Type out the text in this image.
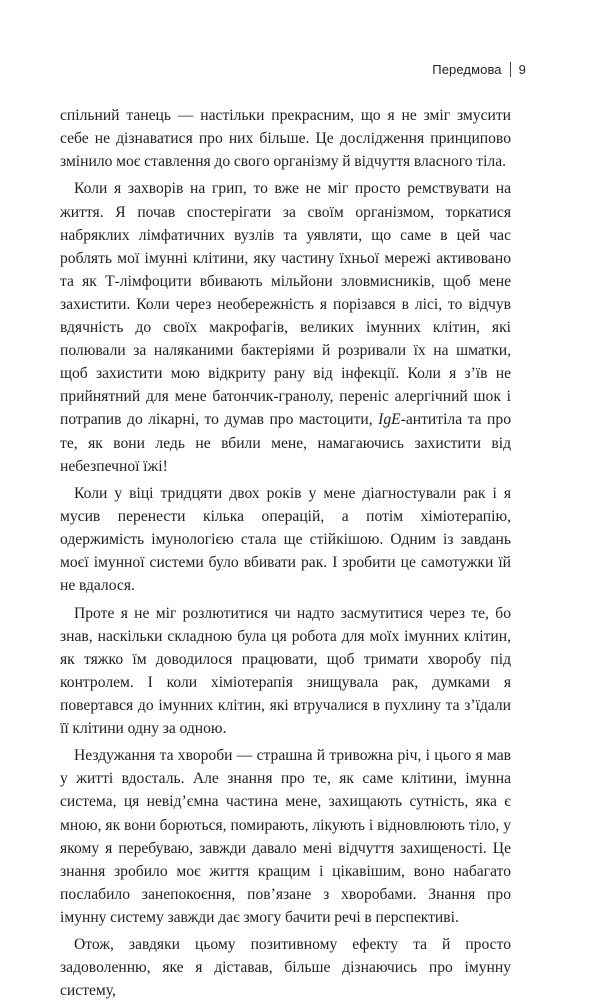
Передмова 9

спільний танець — настільки прекрасним, що я не зміг змусити себе не дізнаватися про них більше. Це дослідження принципово змінило моє ставлення до свого організму й відчуття власного тіла.

Коли я захворів на грип, то вже не міг просто ремствувати на життя. Я почав спостерігати за своїм організмом, торкатися набряклих лімфатичних вузлів та уявляти, що саме в цей час роблять мої імунні клітини, яку частину їхньої мережі активовано та як Т-лімфоцити вбивають мільйони зловмисників, щоб мене захистити. Коли через необережність я порізався в лісі, то відчув вдячність до своїх макрофагів, великих імунних клітин, які полювали за наляканими бактеріями й розривали їх на шматки, щоб захистити мою відкриту рану від інфекції. Коли я з’їв не прийнятний для мене батончик-гранолу, переніс алергічний шок і потрапив до лікарні, то думав про мастоцити, IgE-антитіла та про те, як вони ледь не вбили мене, намагаючись захистити від небезпечної їжі!

Коли у віці тридцяти двох років у мене діагностували рак і я мусив перенести кілька операцій, а потім хіміотерапію, одержимість імунологією стала ще стійкішою. Одним із завдань моєї імунної системи було вбивати рак. І зробити це самотужки їй не вдалося.

Проте я не міг розлютитися чи надто засмутитися через те, бо знав, наскільки складною була ця робота для моїх імунних клітин, як тяжко їм доводилося працювати, щоб тримати хворобу під контролем. І коли хіміотерапія знищувала рак, думками я повертався до імунних клітин, які втручалися в пухлину та з’їдали її клітини одну за одною.

Нездужання та хвороби — страшна й тривожна річ, і цього я мав у житті вдосталь. Але знання про те, як саме клітини, імунна система, ця невід’ємна частина мене, захищають сутність, яка є мною, як вони борються, помирають, лікують і відновлюють тіло, у якому я перебуваю, завжди давало мені відчуття захищеності. Це знання зробило моє життя кращим і цікавішим, воно набагато послабило занепокоєння, пов’язане з хворобами. Знання про імунну систему завжди дає змогу бачити речі в перспективі.

Отож, завдяки цьому позитивному ефекту та й просто задоволенню, яке я діставав, більше дізнаючись про імунну систему,
